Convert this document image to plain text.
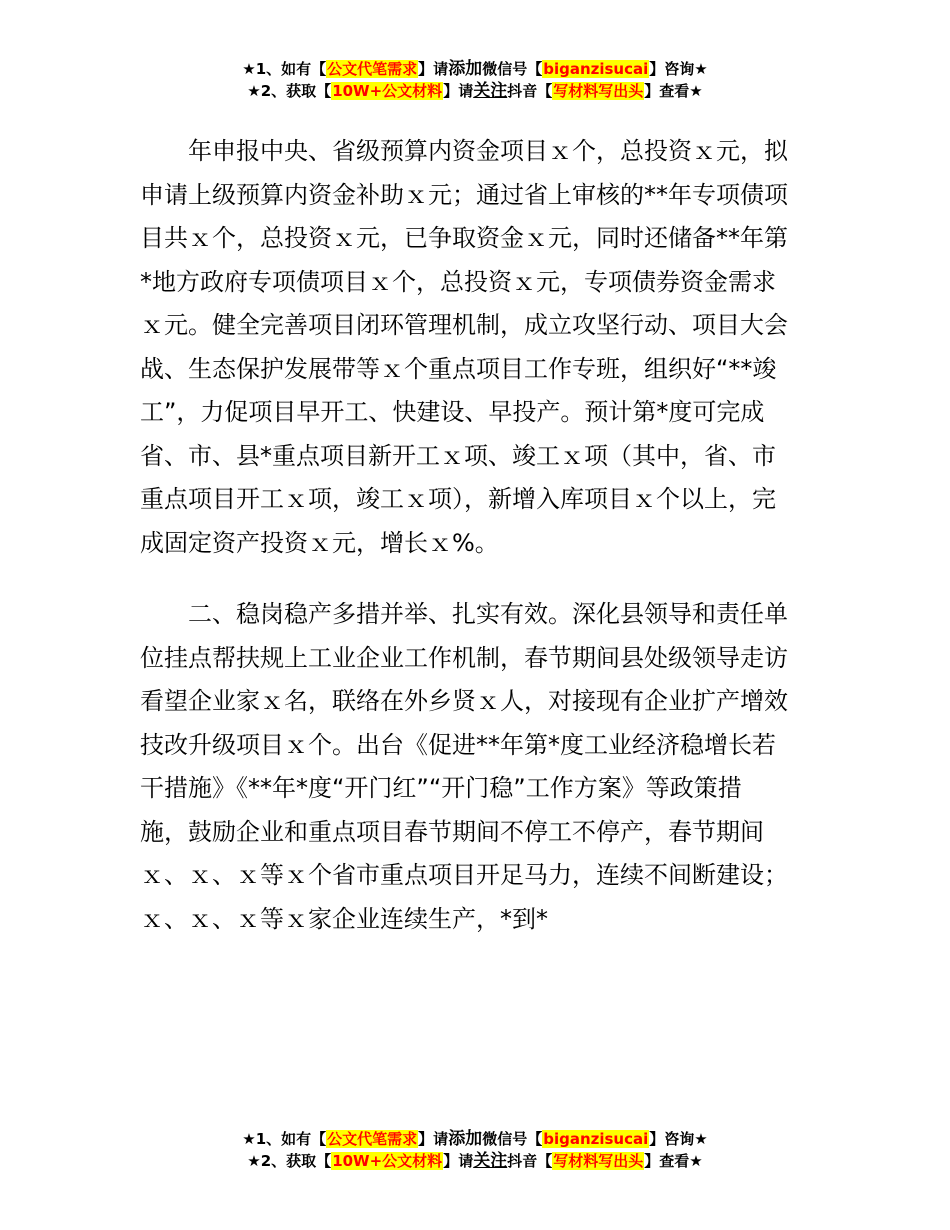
★1、如有【公文代笔需求】请添加微信号【biganzisucai】咨询★
★2、获取【10W+公文材料】请关注抖音【写材料写出头】查看★
　　年申报中央、省级预算内资金项目ｘ个，总投资ｘ元，拟
申请上级预算内资金补助ｘ元；通过省上审核的**年专项债项
目共ｘ个，总投资ｘ元，已争取资金ｘ元，同时还储备**年第
*地方政府专项债项目ｘ个，总投资ｘ元，专项债券资金需求
ｘ元。健全完善项目闭环管理机制，成立攻坚行动、项目大会
战、生态保护发展带等ｘ个重点项目工作专班，组织好“**竣
工”，力促项目早开工、快建设、早投产。预计第*度可完成
省、市、县*重点项目新开工ｘ项、竣工ｘ项（其中，省、市
重点项目开工ｘ项，竣工ｘ项），新增入库项目ｘ个以上，完
成固定资产投资ｘ元，增长ｘ%。
　　二、稳岗稳产多措并举、扎实有效。深化县领导和责任单
位挂点帮扶规上工业企业工作机制，春节期间县处级领导走访
看望企业家ｘ名，联络在外乡贤ｘ人，对接现有企业扩产增效
技改升级项目ｘ个。出台《促进**年第*度工业经济稳增长若
干措施》《**年*度“开门红”“开门稳”工作方案》等政策措
施，鼓励企业和重点项目春节期间不停工不停产，春节期间
ｘ、ｘ、ｘ等ｘ个省市重点项目开足马力，连续不间断建设；
ｘ、ｘ、ｘ等ｘ家企业连续生产，*到*
★1、如有【公文代笔需求】请添加微信号【biganzisucai】咨询★
★2、获取【10W+公文材料】请关注抖音【写材料写出头】查看★
